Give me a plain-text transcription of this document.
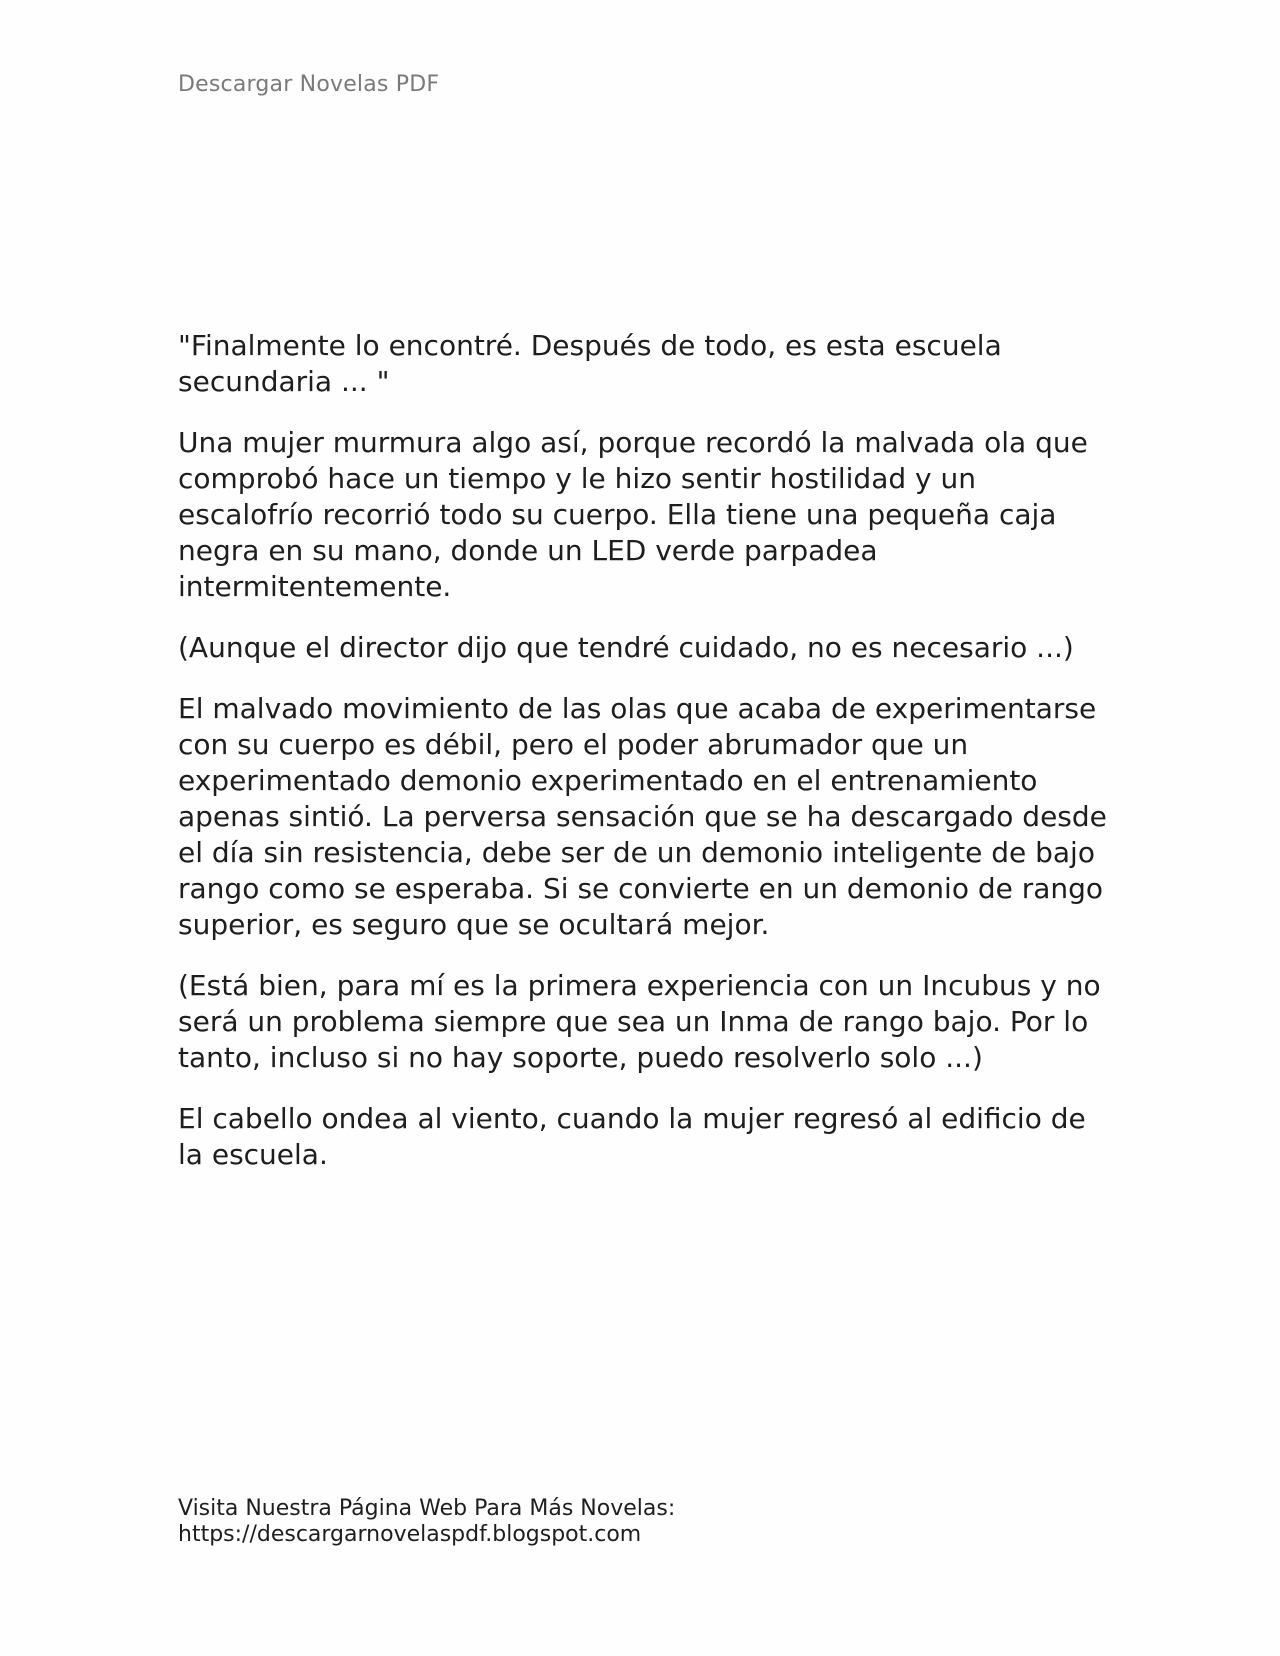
Descargar Novelas PDF

"Finalmente lo encontré. Después de todo, es esta escuela secundaria ... "

Una mujer murmura algo así, porque recordó la malvada ola que comprobó hace un tiempo y le hizo sentir hostilidad y un escalofrío recorrió todo su cuerpo. Ella tiene una pequeña caja negra en su mano, donde un LED verde parpadea intermitentemente.

(Aunque el director dijo que tendré cuidado, no es necesario ...)

El malvado movimiento de las olas que acaba de experimentarse con su cuerpo es débil, pero el poder abrumador que un experimentado demonio experimentado en el entrenamiento apenas sintió. La perversa sensación que se ha descargado desde el día sin resistencia, debe ser de un demonio inteligente de bajo rango como se esperaba. Si se convierte en un demonio de rango superior, es seguro que se ocultará mejor.

(Está bien, para mí es la primera experiencia con un Incubus y no será un problema siempre que sea un Inma de rango bajo. Por lo tanto, incluso si no hay soporte, puedo resolverlo solo ...)

El cabello ondea al viento, cuando la mujer regresó al edificio de la escuela.

Visita Nuestra Página Web Para Más Novelas:
https://descargarnovelaspdf.blogspot.com
